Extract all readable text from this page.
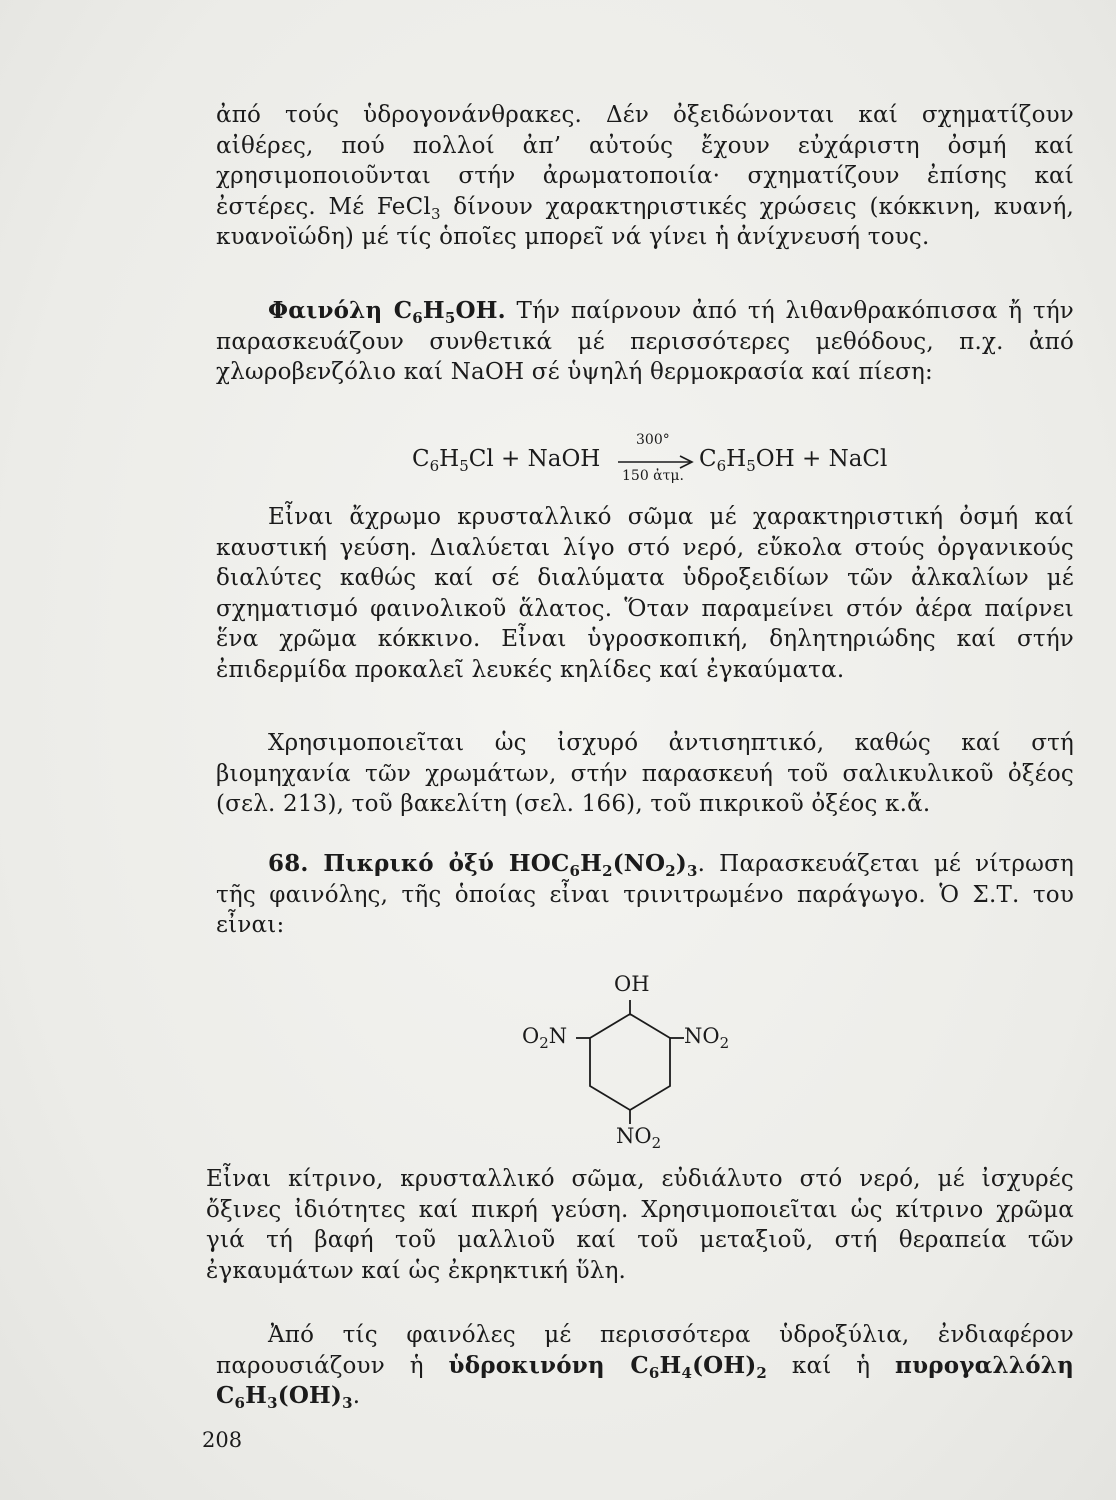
ἀπό τούς ὑδρογονάνθρακες. Δέν ὀξειδώνονται καί σχηματίζουν αἰθέρες, πού πολλοί ἀπ’ αὐτούς ἔχουν εὐχάριστη ὀσμή καί χρησιμοποιοῦνται στήν ἀρωματοποιία· σχηματίζουν ἐπίσης καί ἐστέρες. Μέ FeCl$_3$ δίνουν χαρακτηριστικές χρώσεις (κόκκινη, κυανή, κυανοϊώδη) μέ τίς ὁποῖες μπορεῖ νά γίνει ἡ ἀνίχνευσή τους.

Φαινόλη $C_6H_5OH$. Τήν παίρνουν ἀπό τή λιθανθρακόπισσα ἤ τήν παρασκευάζουν συνθετικά μέ περισσότερες μεθόδους, π.χ. ἀπό χλωροβενζόλιο καί NaOH σέ ὑψηλή θερμοκρασία καί πίεση:

$C_6H_5Cl$ + NaOH
300°
150 ἀτμ.
$C_6H_5OH$ + NaCl

Εἶναι ἄχρωμο κρυσταλλικό σῶμα μέ χαρακτηριστική ὀσμή καί καυστική γεύση. Διαλύεται λίγο στό νερό, εὔκολα στούς ὀργανικούς διαλύτες καθώς καί σέ διαλύματα ὑδροξειδίων τῶν ἀλκαλίων μέ σχηματισμό φαινολικοῦ ἅλατος. Ὅταν παραμείνει στόν ἀέρα παίρνει ἕνα χρῶμα κόκκινο. Εἶναι ὑγροσκοπική, δηλητηριώδης καί στήν ἐπιδερμίδα προκαλεῖ λευκές κηλίδες καί ἐγκαύματα.

Χρησιμοποιεῖται ὡς ἰσχυρό ἀντισηπτικό, καθώς καί στή βιομηχανία τῶν χρωμάτων, στήν παρασκευή τοῦ σαλικυλικοῦ ὀξέος (σελ. 213), τοῦ βακελίτη (σελ. 166), τοῦ πικρικοῦ ὀξέος κ.ἄ.

68. Πικρικό ὀξύ $HOC_6H_2(NO_2)_3$. Παρασκευάζεται μέ νίτρωση τῆς φαινόλης, τῆς ὁποίας εἶναι τρινιτρωμένο παράγωγο. Ὁ Σ.Τ. του εἶναι:

OH
$O_2N$	$NO_2$
$NO_2$

Εἶναι κίτρινο, κρυσταλλικό σῶμα, εὐδιάλυτο στό νερό, μέ ἰσχυρές ὄξινες ἰδιότητες καί πικρή γεύση. Χρησιμοποιεῖται ὡς κίτρινο χρῶμα γιά τή βαφή τοῦ μαλλιοῦ καί τοῦ μεταξιοῦ, στή θεραπεία τῶν ἐγκαυμάτων καί ὡς ἐκρηκτική ὕλη.

Ἀπό τίς φαινόλες μέ περισσότερα ὑδροξύλια, ἐνδιαφέρον παρουσιάζουν ἡ ὑδροκινόνη $C_6H_4(OH)_2$ καί ἡ πυρογαλλόλη $C_6H_3(OH)_3$.

208
